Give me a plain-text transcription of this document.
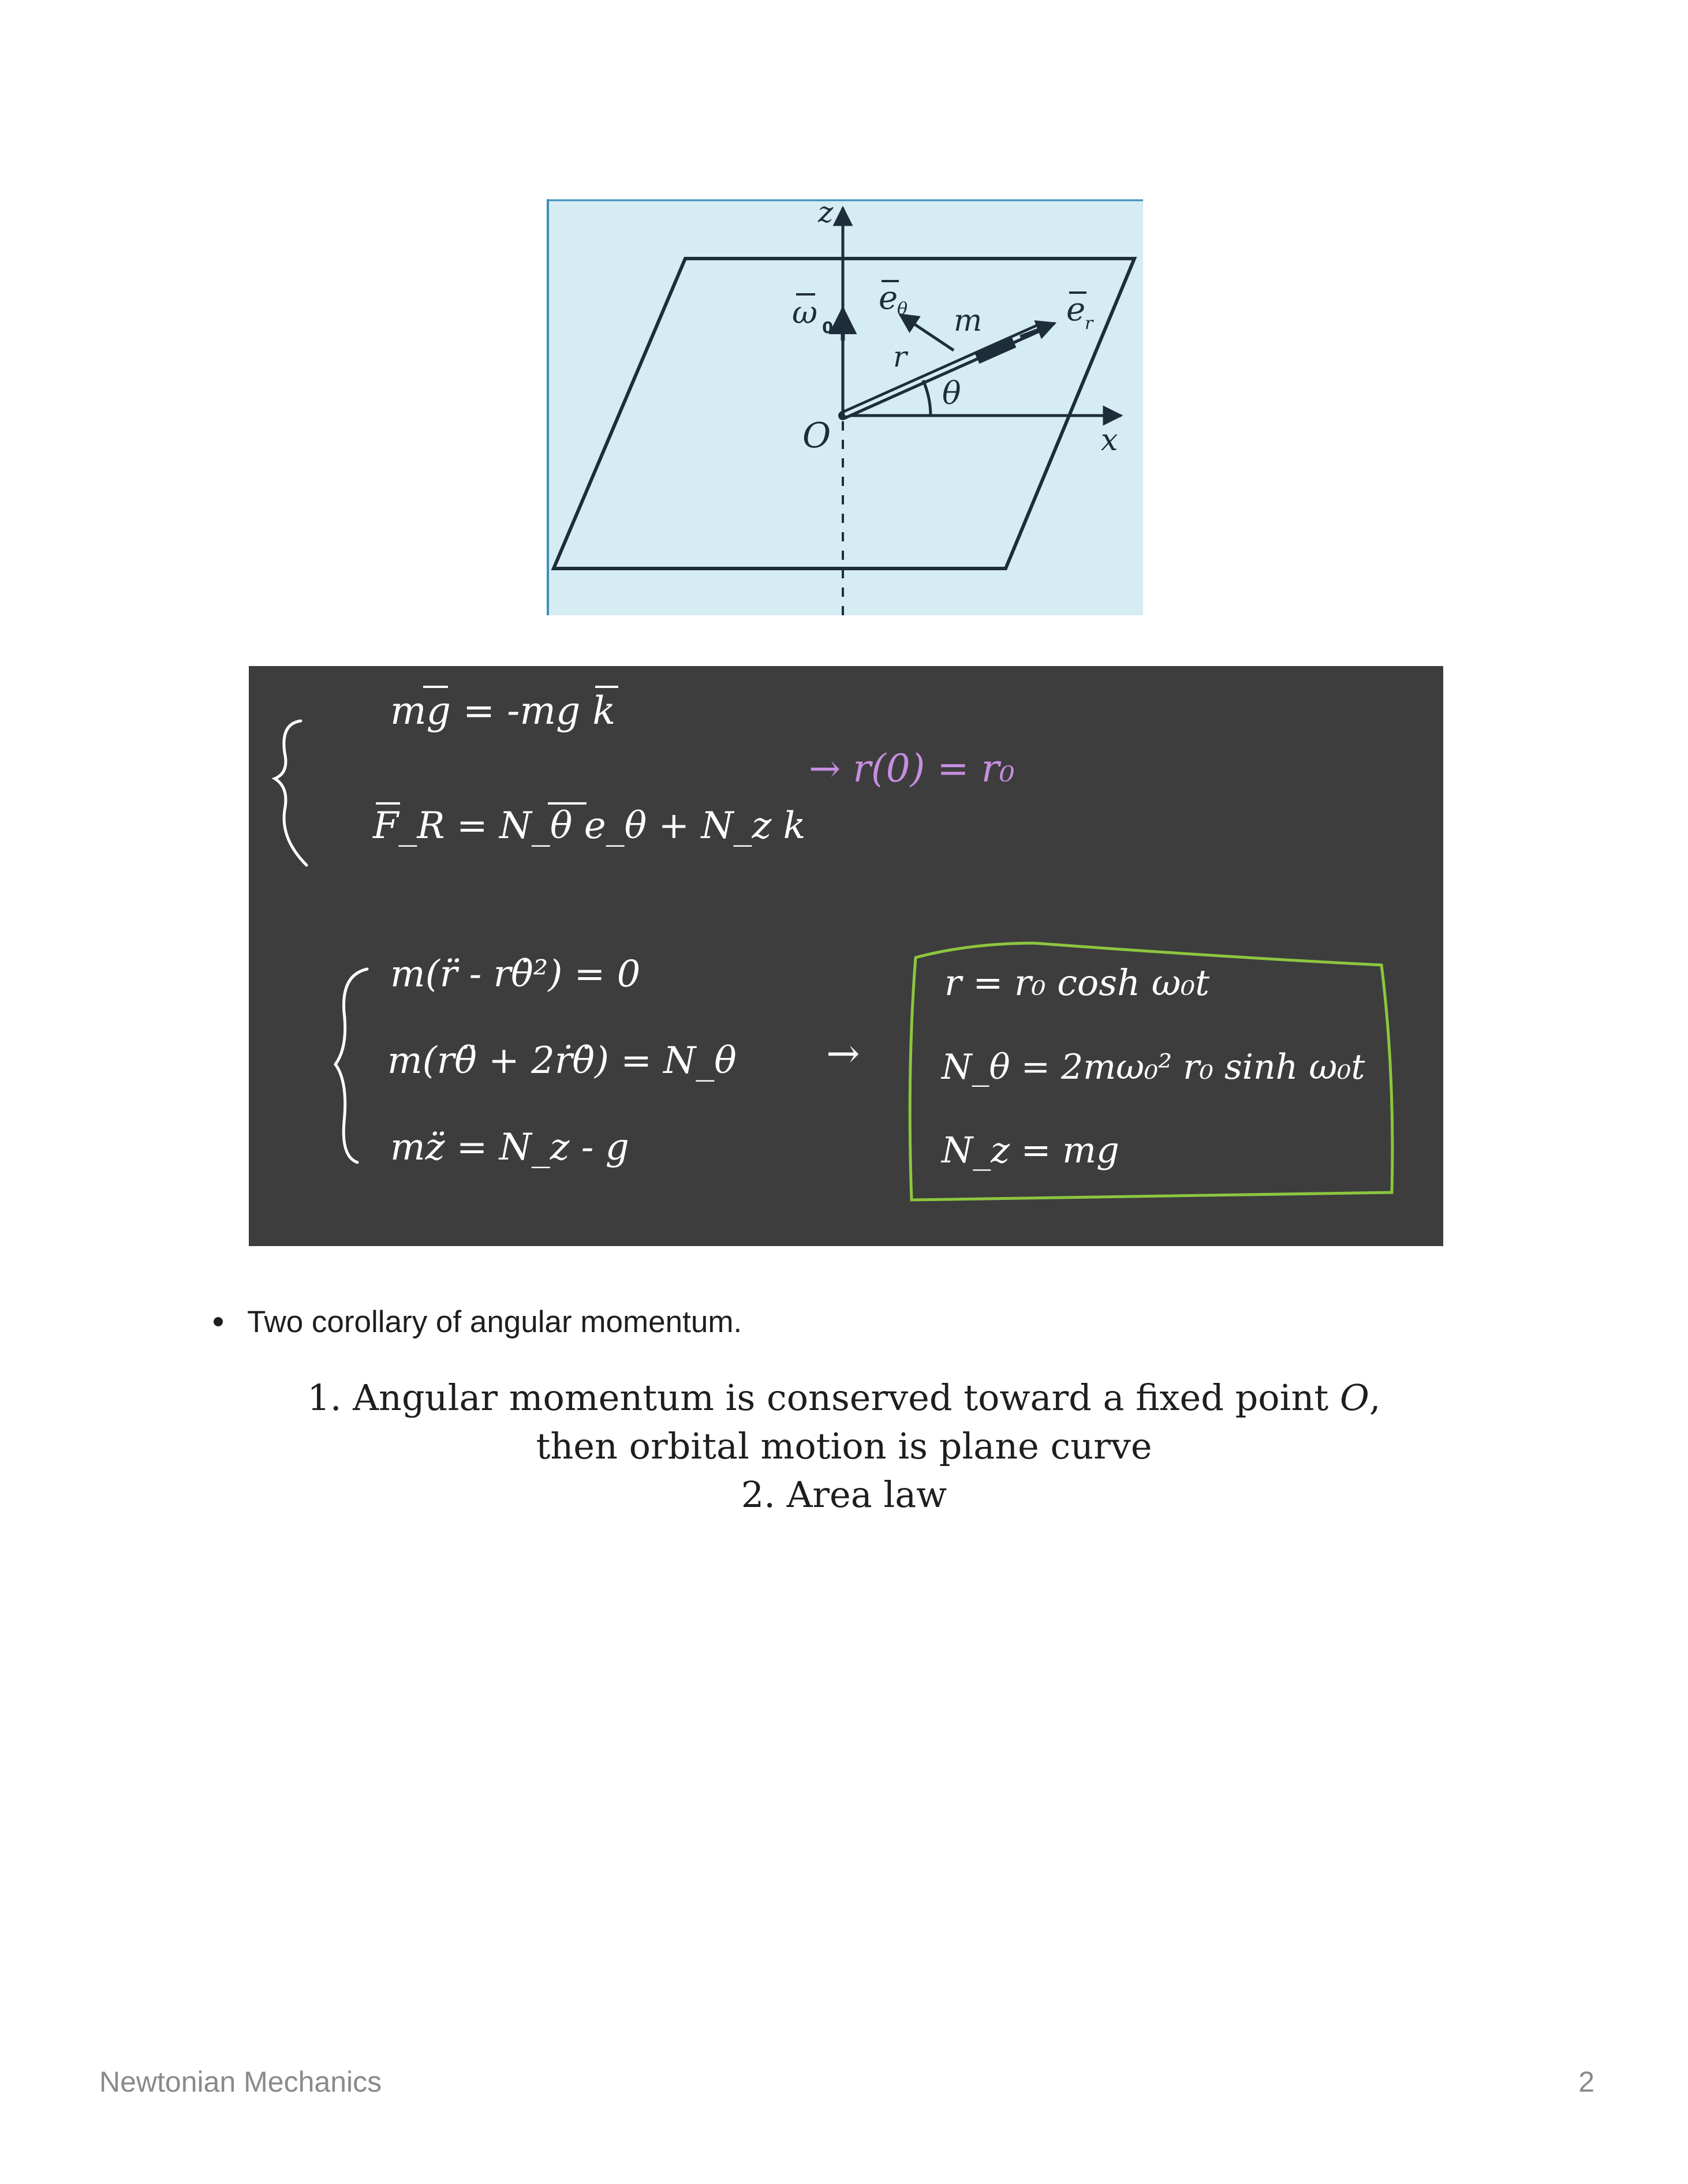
z
x
O
ω 0
e
θ	e
r
m
r
θ
mg = -mg k
F_R = N_θ e_θ + N_z k
→ r(0) = r₀
m(r̈ - rθ̇²) = 0
m(rθ̈ + 2ṙθ̇) = N_θ
mz̈ = N_z - g
→
r = r₀ cosh ω₀t
N_θ = 2mω₀² r₀ sinh ω₀t
N_z = mg
Two corollary of angular momentum.
1. Angular momentum is conserved toward a fixed point O,
then orbital motion is plane curve
2. Area law
Newtonian Mechanics	2
